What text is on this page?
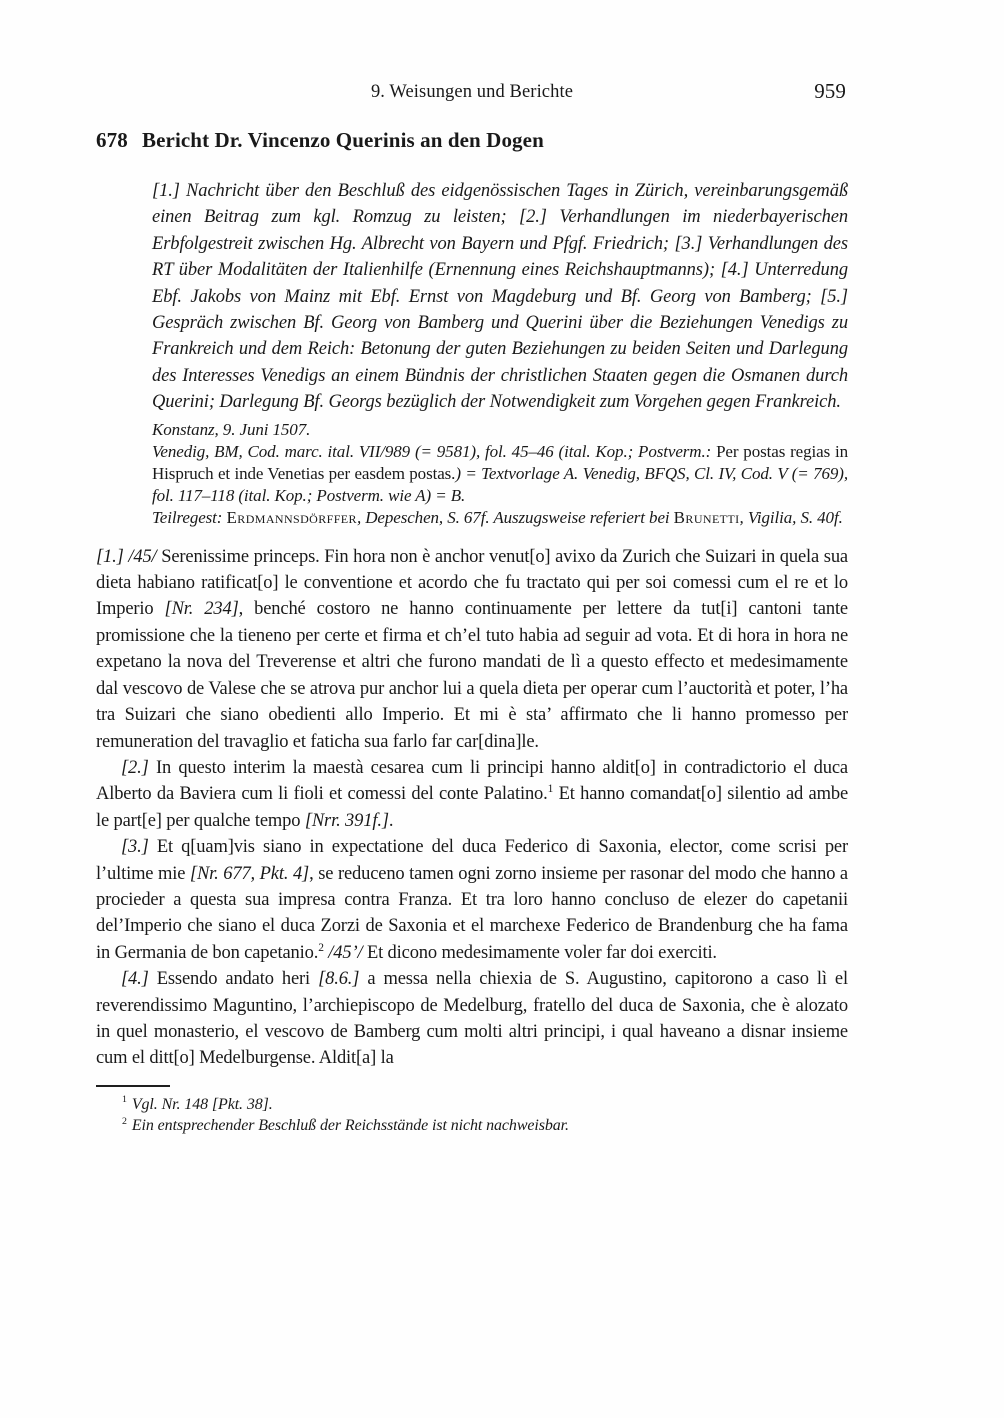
9. Weisungen und Berichte	959
678 Bericht Dr. Vincenzo Querinis an den Dogen

[1.] Nachricht über den Beschluß des eidgenössischen Tages in Zürich, vereinbarungsgemäß einen Beitrag zum kgl. Romzug zu leisten; [2.] Verhandlungen im niederbayerischen Erbfolgestreit zwischen Hg. Albrecht von Bayern und Pfgf. Friedrich; [3.] Verhandlungen des RT über Modalitäten der Italienhilfe (Ernennung eines Reichshauptmanns); [4.] Unterredung Ebf. Jakobs von Mainz mit Ebf. Ernst von Magdeburg und Bf. Georg von Bamberg; [5.] Gespräch zwischen Bf. Georg von Bamberg und Querini über die Beziehungen Venedigs zu Frankreich und dem Reich: Betonung der guten Beziehungen zu beiden Seiten und Darlegung des Interesses Venedigs an einem Bündnis der christlichen Staaten gegen die Osmanen durch Querini; Darlegung Bf. Georgs bezüglich der Notwendigkeit zum Vorgehen gegen Frankreich.

Konstanz, 9. Juni 1507.

Venedig, BM, Cod. marc. ital. VII/989 (= 9581), fol. 45–46 (ital. Kop.; Postverm.: Per postas regias in Hispruch et inde Venetias per easdem postas.) = Textvorlage A. Venedig, BFQS, Cl. IV, Cod. V (= 769), fol. 117–118 (ital. Kop.; Postverm. wie A) = B.

Teilregest: Erdmannsdörffer, Depeschen, S. 67f. Auszugsweise referiert bei Brunetti, Vigilia, S. 40f.

[1.] /45/ Serenissime princeps. Fin hora non è anchor venut[o] avixo da Zurich che Suizari in quela sua dieta habiano ratificat[o] le conventione et acordo che fu tractato qui per soi comessi cum el re et lo Imperio [Nr. 234], benché costoro ne hanno continuamente per lettere da tut[i] cantoni tante promissione che la tieneno per certe et firma et ch’el tuto habia ad seguir ad vota. Et di hora in hora ne expetano la nova del Treverense et altri che furono mandati de lì a questo effecto et medesimamente dal vescovo de Valese che se atrova pur anchor lui a quela dieta per operar cum l’auctorità et poter, l’ha tra Suizari che siano obedienti allo Imperio. Et mi è sta’ affirmato che li hanno promesso per remuneration del travaglio et faticha sua farlo far car[dina]le.

[2.] In questo interim la maestà cesarea cum li principi hanno aldit[o] in contradictorio el duca Alberto da Baviera cum li fioli et comessi del conte Palatino.$^1$ Et hanno comandat[o] silentio ad ambe le part[e] per qualche tempo [Nrr. 391f.].

[3.] Et q[uam]vis siano in expectatione del duca Federico di Saxonia, elector, come scrisi per l’ultime mie [Nr. 677, Pkt. 4], se reduceno tamen ogni zorno insieme per rasonar del modo che hanno a procieder a questa sua impresa contra Franza. Et tra loro hanno concluso de elezer do capetanii del’Imperio che siano el duca Zorzi de Saxonia et el marchexe Federico de Brandenburg che ha fama in Germania de bon capetanio.$^2$ /45’/ Et dicono medesimamente voler far doi exerciti.

[4.] Essendo andato heri [8.6.] a messa nella chiexia de S. Augustino, capitorono a caso lì el reverendissimo Maguntino, l’archiepiscopo de Medelburg, fratello del duca de Saxonia, che è alozato in quel monasterio, el vescovo de Bamberg cum molti altri principi, i qual haveano a disnar insieme cum el ditt[o] Medelburgense. Aldit[a] la

$^1$ Vgl. Nr. 148 [Pkt. 38].

$^2$ Ein entsprechender Beschluß der Reichsstände ist nicht nachweisbar.
